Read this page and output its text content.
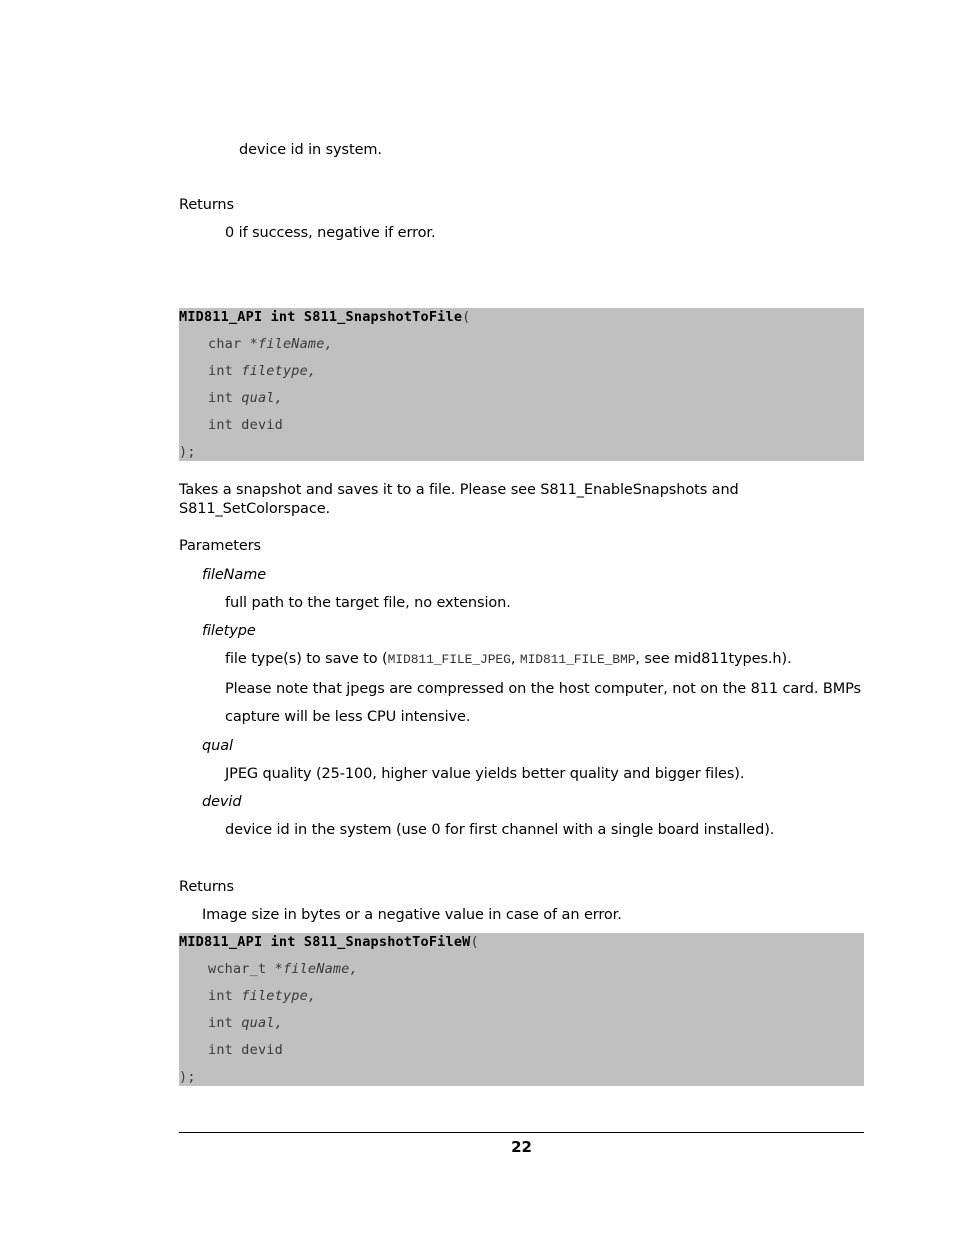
device id in system.
Returns
0 if success, negative if error.
MID811_API int S811_SnapshotToFile(
char *fileName,
int filetype,
int qual,
int devid
);
Takes a snapshot and saves it to a file. Please see S811_EnableSnapshots and
S811_SetColorspace.
Parameters
fileName
full path to the target file, no extension.
filetype
file type(s) to save to (MID811_FILE_JPEG, MID811_FILE_BMP, see mid811types.h).
Please note that jpegs are compressed on the host computer, not on the 811 card. BMPs
capture will be less CPU intensive.
qual
JPEG quality (25-100, higher value yields better quality and bigger files).
devid
device id in the system (use 0 for first channel with a single board installed).
Returns
Image size in bytes or a negative value in case of an error.
MID811_API int S811_SnapshotToFileW(
wchar_t *fileName,
int filetype,
int qual,
int devid
);
22
